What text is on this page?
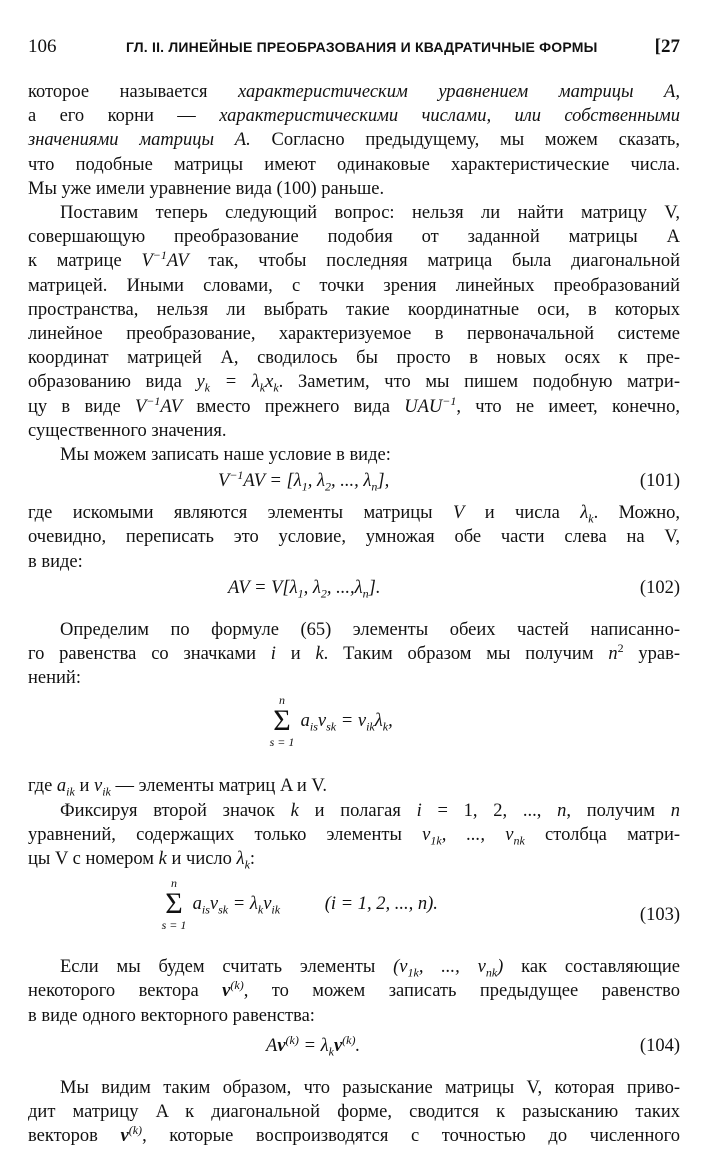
106	ГЛ. II. ЛИНЕЙНЫЕ ПРЕОБРАЗОВАНИЯ И КВАДРАТИЧНЫЕ ФОРМЫ	[27

которое называется характеристическим уравнением матрицы А,
а его корни — характеристическими числами, или собственными
значениями матрицы А. Согласно предыдущему, мы можем сказать,
что подобные матрицы имеют одинаковые характеристические числа.
Мы уже имели уравнение вида (100) раньше.

Поставим теперь следующий вопрос: нельзя ли найти матрицу V,
совершающую преобразование подобия от заданной матрицы A
к матрице $V^{-1}AV$ так, чтобы последняя матрица была диагональной
матрицей. Иными словами, с точки зрения линейных преобразований
пространства, нельзя ли выбрать такие координатные оси, в которых
линейное преобразование, характеризуемое в первоначальной системе
координат матрицей A, сводилось бы просто в новых осях к пре-
образованию вида $y_k = \lambda_kx_k$. Заметим, что мы пишем подобную матри-
цу в виде $V^{-1}AV$ вместо прежнего вида $UAU^{-1}$, что не имеет, конечно,
существенного значения.

Мы можем записать наше условие в виде:

$V^{-1}AV = [\lambda_1$, $\lambda_2$, ..., $\lambda_n$],	(101)

где искомыми являются элементы матрицы V и числа $\lambda_k$. Можно,
очевидно, переписать это условие, умножая обе части слева на V,
в виде:

AV = $V[\lambda_1$, $\lambda_2$, $...,\lambda_n$].	(102)

Определим по формуле (65) элементы обеих частей написанно-
го равенства со значками i и k. Таким образом мы получим $n^2$ урав-
нений:

n
Σ
s = 1
$a_{is}v_{sk} = v_{ik}\lambda_k$,

где $a_{ik}$ и $v_{ik}$ — элементы матриц A и V.

Фиксируя второй значок k и полагая i = 1, 2, ..., n, получим n
уравнений, содержащих только элементы $v_{1k}$, ..., $v_{nk}$ столбца матри-
цы V с номером k и число $\lambda_k$:

n
Σ
s = 1
$a_{is}v_{sk} = \lambda_kv_{ik}$ (i = 1, 2, ..., n).
(103)

Если мы будем считать элементы ($v_{1k}$, ..., $v_{nk}$) как составляющие
некоторого вектора $v^{(k)}$, то можем записать предыдущее равенство
в виде одного векторного равенства:

$Av^{(k)} = \lambda_kv^{(k)}$.	(104)

Мы видим таким образом, что разыскание матрицы V, которая приво-
дит матрицу A к диагональной форме, сводится к разысканию таких
векторов $v^{(k)}$, которые воспроизводятся с точностью до численного
